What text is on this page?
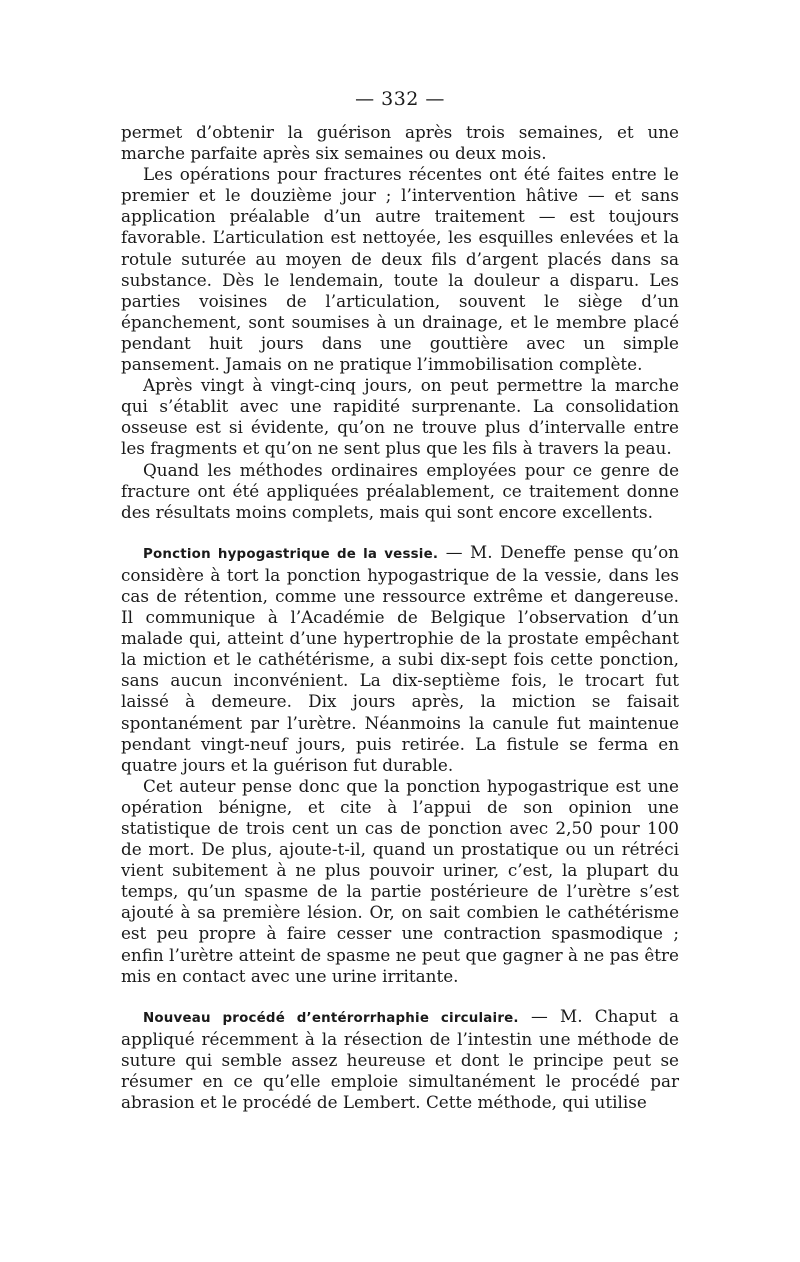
— 332 —

permet d’obtenir la guérison après trois semaines, et une marche parfaite après six semaines ou deux mois.

Les opérations pour fractures récentes ont été faites entre le premier et le douzième jour ; l’intervention hâtive — et sans application préalable d’un autre traitement — est toujours favorable. L’articulation est nettoyée, les esquilles enlevées et la rotule suturée au moyen de deux fils d’argent placés dans sa substance. Dès le lendemain, toute la douleur a disparu. Les parties voisines de l’articulation, souvent le siège d’un épanchement, sont soumises à un drainage, et le membre placé pendant huit jours dans une gouttière avec un simple pansement. Jamais on ne pratique l’immobilisation complète.

Après vingt à vingt-cinq jours, on peut permettre la marche qui s’établit avec une rapidité surprenante. La consolidation osseuse est si évidente, qu’on ne trouve plus d’intervalle entre les fragments et qu’on ne sent plus que les fils à travers la peau.

Quand les méthodes ordinaires employées pour ce genre de fracture ont été appliquées préalablement, ce traitement donne des résultats moins complets, mais qui sont encore excellents.

Ponction hypogastrique de la vessie. — M. Deneffe pense qu’on considère à tort la ponction hypogastrique de la vessie, dans les cas de rétention, comme une ressource extrême et dangereuse. Il communique à l’Académie de Belgique l’observation d’un malade qui, atteint d’une hypertrophie de la prostate empêchant la miction et le cathétérisme, a subi dix-sept fois cette ponction, sans aucun inconvénient. La dix-septième fois, le trocart fut laissé à demeure. Dix jours après, la miction se faisait spontanément par l’urètre. Néanmoins la canule fut maintenue pendant vingt-neuf jours, puis retirée. La fistule se ferma en quatre jours et la guérison fut durable.

Cet auteur pense donc que la ponction hypogastrique est une opération bénigne, et cite à l’appui de son opinion une statistique de trois cent un cas de ponction avec 2,50 pour 100 de mort. De plus, ajoute-t-il, quand un prostatique ou un rétréci vient subitement à ne plus pouvoir uriner, c’est, la plupart du temps, qu’un spasme de la partie postérieure de l’urètre s’est ajouté à sa première lésion. Or, on sait combien le cathétérisme est peu propre à faire cesser une contraction spasmodique ; enfin l’urètre atteint de spasme ne peut que gagner à ne pas être mis en contact avec une urine irritante.

Nouveau procédé d’entérorrhaphie circulaire. — M. Chaput a appliqué récemment à la résection de l’intestin une méthode de suture qui semble assez heureuse et dont le principe peut se résumer en ce qu’elle emploie simultanément le procédé par abrasion et le procédé de Lembert. Cette méthode, qui utilise
